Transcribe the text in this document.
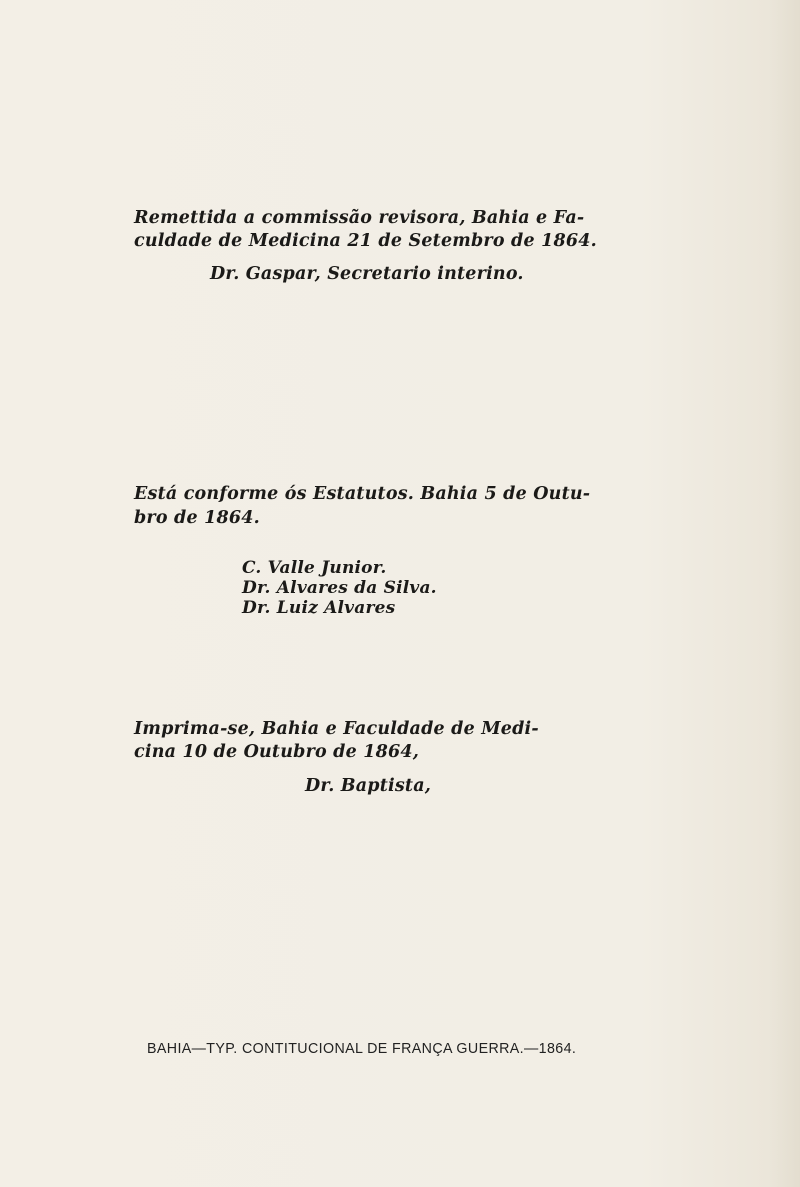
Remettida a commissão revisora, Bahia e Fa-
culdade de Medicina 21 de Setembro de 1864.
Dr. Gaspar, Secretario interino.
Está conforme ós Estatutos. Bahia 5 de Outu-
bro de 1864.
C. Valle Junior.
Dr. Alvares da Silva.
Dr. Luiz Alvares
Imprima-se, Bahia e Faculdade de Medi-
cina 10 de Outubro de 1864,
Dr. Baptista,
BAHIA—TYP. CONTITUCIONAL DE FRANÇA GUERRA.—1864.
